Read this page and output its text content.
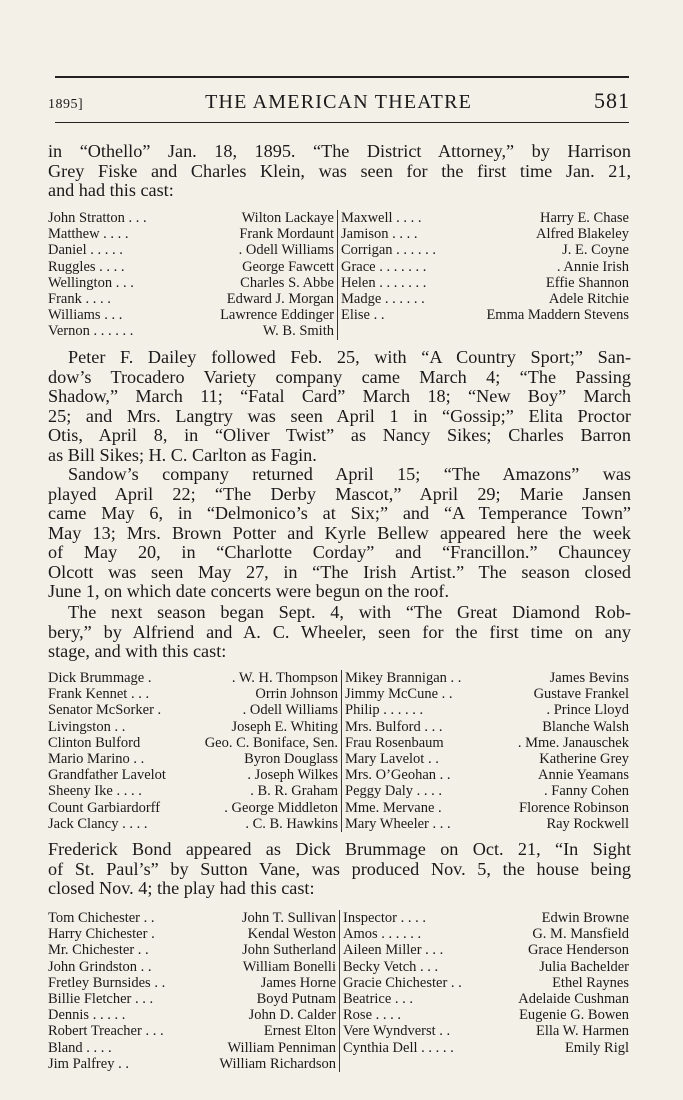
1895]	THE AMERICAN THEATRE	581
in “Othello” Jan. 18, 1895. “The District Attorney,” by Harrison
Grey Fiske and Charles Klein, was seen for the first time Jan. 21,
and had this cast:
John Stratton . . .	Wilton Lackaye
Matthew . . . .	Frank Mordaunt
Daniel . . . . .	. Odell Williams
Ruggles . . . .	George Fawcett
Wellington . . .	Charles S. Abbe
Frank . . . .	Edward J. Morgan
Williams . . .	Lawrence Eddinger
Vernon . . . . . .	W. B. Smith
Maxwell . . . .	Harry E. Chase
Jamison . . . .	Alfred Blakeley
Corrigan . . . . . .	J. E. Coyne
Grace . . . . . . .	. Annie Irish
Helen . . . . . . .	Effie Shannon
Madge . . . . . .	Adele Ritchie
Elise . .	Emma Maddern Stevens
Peter F. Dailey followed Feb. 25, with “A Country Sport;” San-
dow’s Trocadero Variety company came March 4; “The Passing
Shadow,” March 11; “Fatal Card” March 18; “New Boy” March
25; and Mrs. Langtry was seen April 1 in “Gossip;” Elita Proctor
Otis, April 8, in “Oliver Twist” as Nancy Sikes; Charles Barron
as Bill Sikes; H. C. Carlton as Fagin.
Sandow’s company returned April 15; “The Amazons” was
played April 22; “The Derby Mascot,” April 29; Marie Jansen
came May 6, in “Delmonico’s at Six;” and “A Temperance Town”
May 13; Mrs. Brown Potter and Kyrle Bellew appeared here the week
of May 20, in “Charlotte Corday” and “Francillon.” Chauncey
Olcott was seen May 27, in “The Irish Artist.” The season closed
June 1, on which date concerts were begun on the roof.
The next season began Sept. 4, with “The Great Diamond Rob-
bery,” by Alfriend and A. C. Wheeler, seen for the first time on any
stage, and with this cast:
Dick Brummage .	. W. H. Thompson
Frank Kennet . . .	Orrin Johnson
Senator McSorker .	. Odell Williams
Livingston . .	Joseph E. Whiting
Clinton Bulford	Geo. C. Boniface, Sen.
Mario Marino . .	Byron Douglass
Grandfather Lavelot	. Joseph Wilkes
Sheeny Ike . . . .	. B. R. Graham
Count Garbiardorff	. George Middleton
Jack Clancy . . . .	. C. B. Hawkins
Mikey Brannigan . .	James Bevins
Jimmy McCune . .	Gustave Frankel
Philip . . . . . .	. Prince Lloyd
Mrs. Bulford . . .	Blanche Walsh
Frau Rosenbaum	. Mme. Janauschek
Mary Lavelot . .	Katherine Grey
Mrs. O’Geohan . .	Annie Yeamans
Peggy Daly . . . .	. Fanny Cohen
Mme. Mervane .	Florence Robinson
Mary Wheeler . . .	Ray Rockwell
Frederick Bond appeared as Dick Brummage on Oct. 21, “In Sight
of St. Paul’s” by Sutton Vane, was produced Nov. 5, the house being
closed Nov. 4; the play had this cast:
Tom Chichester . .	John T. Sullivan
Harry Chichester .	Kendal Weston
Mr. Chichester . .	John Sutherland
John Grindston . .	William Bonelli
Fretley Burnsides . .	James Horne
Billie Fletcher . . .	Boyd Putnam
Dennis . . . . .	John D. Calder
Robert Treacher . . .	Ernest Elton
Bland . . . .	William Penniman
Jim Palfrey . .	William Richardson
Inspector . . . .	Edwin Browne
Amos . . . . . .	G. M. Mansfield
Aileen Miller . . .	Grace Henderson
Becky Vetch . . .	Julia Bachelder
Gracie Chichester . .	Ethel Raynes
Beatrice . . .	Adelaide Cushman
Rose . . . .	Eugenie G. Bowen
Vere Wyndverst . .	Ella W. Harmen
Cynthia Dell . . . . .	Emily Rigl
